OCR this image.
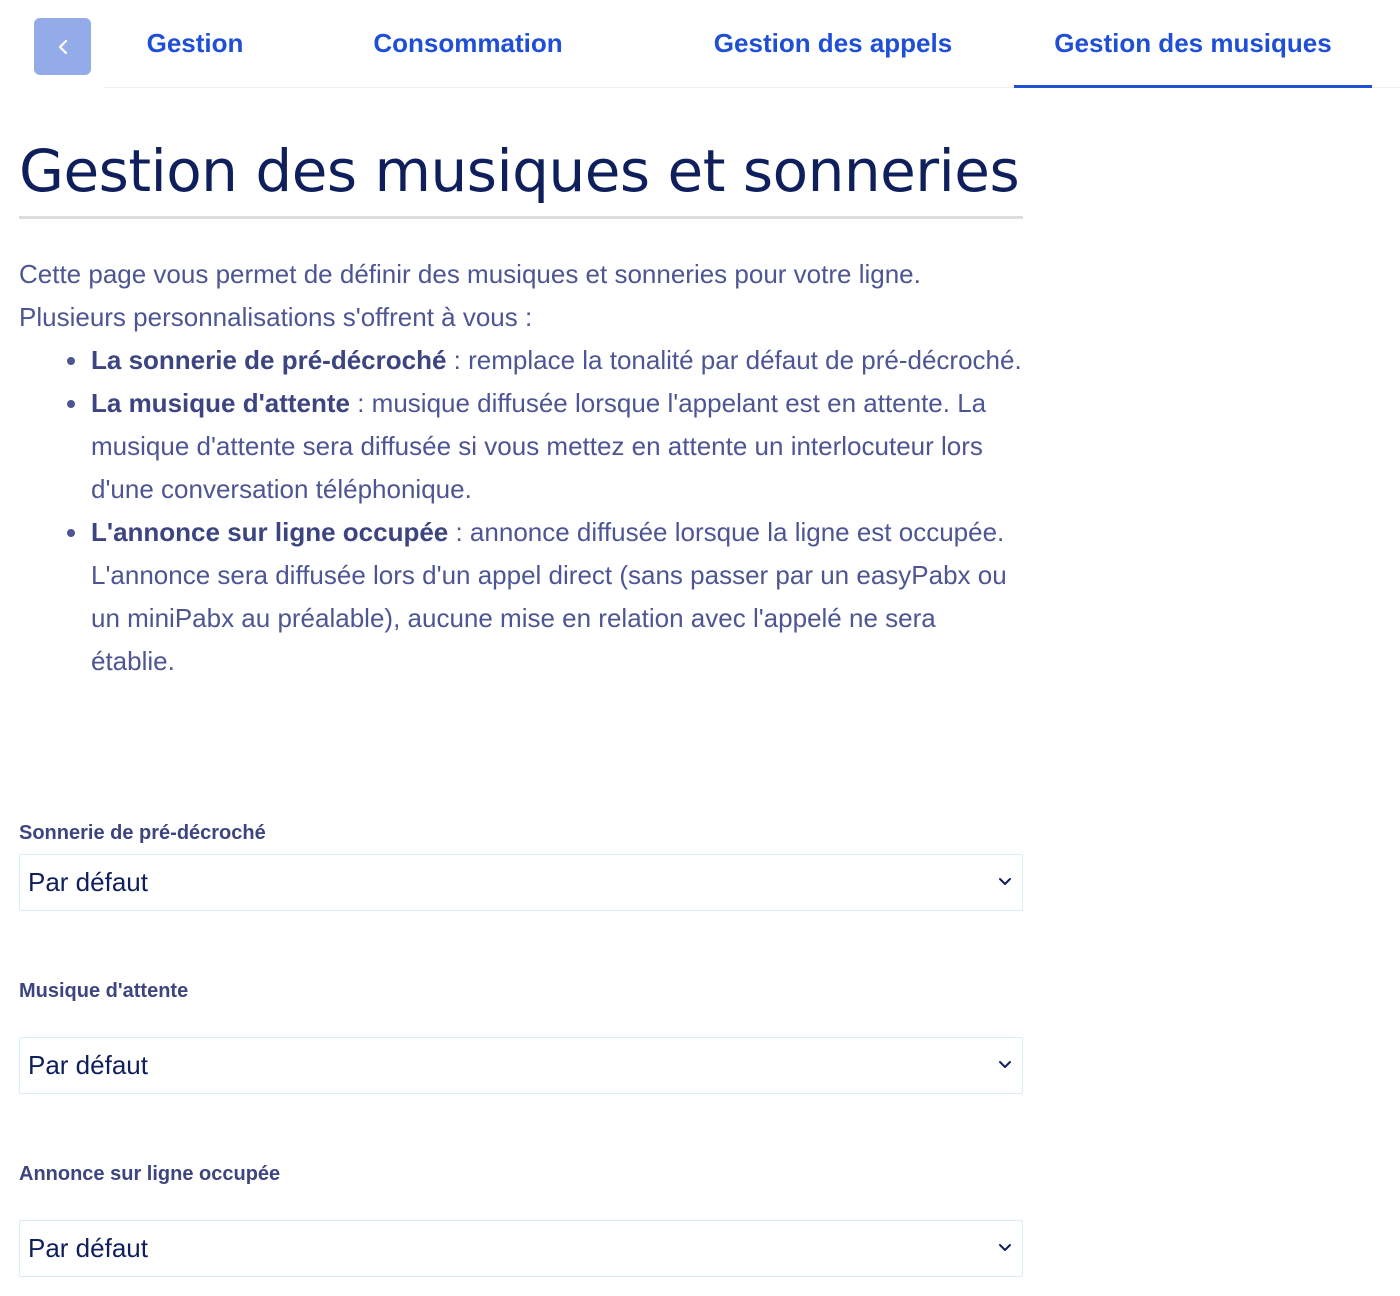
Gestion	Consommation	Gestion des appels	Gestion des musiques
Gestion des musiques et sonneries

Cette page vous permet de définir des musiques et sonneries pour votre ligne.

Plusieurs personnalisations s'offrent à vous :

La sonnerie de pré-décroché : remplace la tonalité par défaut de pré-décroché.
La musique d'attente : musique diffusée lorsque l'appelant est en attente. La musique d'attente sera diffusée si vous mettez en attente un interlocuteur lors d'une conversation téléphonique.
L'annonce sur ligne occupée : annonce diffusée lorsque la ligne est occupée. L'annonce sera diffusée lors d'un appel direct (sans passer par un easyPabx ou un miniPabx au préalable), aucune mise en relation avec l'appelé ne sera établie.
Sonnerie de pré-décroché
Par défaut
Musique d'attente
Par défaut
Annonce sur ligne occupée
Par défaut
